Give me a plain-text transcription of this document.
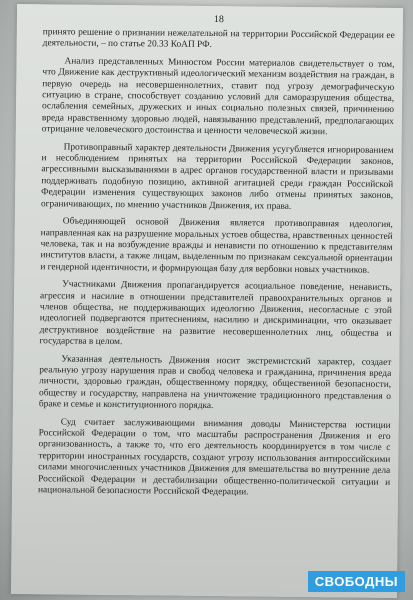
18

принято решение о признании нежелательной на территории Российской Федерации ее деятельности, – по статье 20.33 КоАП РФ.

Анализ представленных Минюстом России материалов свидетельствует о том, что Движение как деструктивный идеологический механизм воздействия на граждан, в первую очередь на несовершеннолетних, ставит под угрозу демографическую ситуацию в стране, способствует созданию условий для саморазрушения общества, ослабления семейных, дружеских и иных социально полезных связей, причинению вреда нравственному здоровью людей, навязыванию представлений, предполагающих отрицание человеческого достоинства и ценности человеческой жизни.

Противоправный характер деятельности Движения усугубляется игнорированием и несоблюдением принятых на территории Российской Федерации законов, агрессивными высказываниями в адрес органов государственной власти и призывами поддерживать подобную позицию, активной агитацией среди граждан Российской Федерации изменения существующих законов либо отмены принятых законов, ограничивающих, по мнению участников Движения, их права.

Объединяющей основой Движения является противоправная идеология, направленная как на разрушение моральных устоев общества, нравственных ценностей человека, так и на возбуждение вражды и ненависти по отношению к представителям институтов власти, а также лицам, выделенным по признакам сексуальной ориентации и гендерной идентичности, и формирующая базу для вербовки новых участников.

Участниками Движения пропагандируется асоциальное поведение, ненависть, агрессия и насилие в отношении представителей правоохранительных органов и членов общества, не поддерживающих идеологию Движения, несогласные с этой идеологией подвергаются притеснениям, насилию и дискриминации, что оказывает деструктивное воздействие на развитие несовершеннолетних лиц, общества и государства в целом.

Указанная деятельность Движения носит экстремистский характер, создает реальную угрозу нарушения прав и свобод человека и гражданина, причинения вреда личности, здоровью граждан, общественному порядку, общественной безопасности, обществу и государству, направлена на уничтожение традиционного представления о браке и семье и конституционного порядка.

Суд считает заслуживающими внимания доводы Министерства юстиции Российской Федерации о том, что масштабы распространения Движения и его организованность, а также то, что его деятельность координируется в том числе с территории иностранных государств, создают угрозу использования антироссийскими силами многочисленных участников Движения для вмешательства во внутренние дела Российской Федерации и дестабилизации общественно-политической ситуации и национальной безопасности Российской Федерации.

СВОБОДНЫ
